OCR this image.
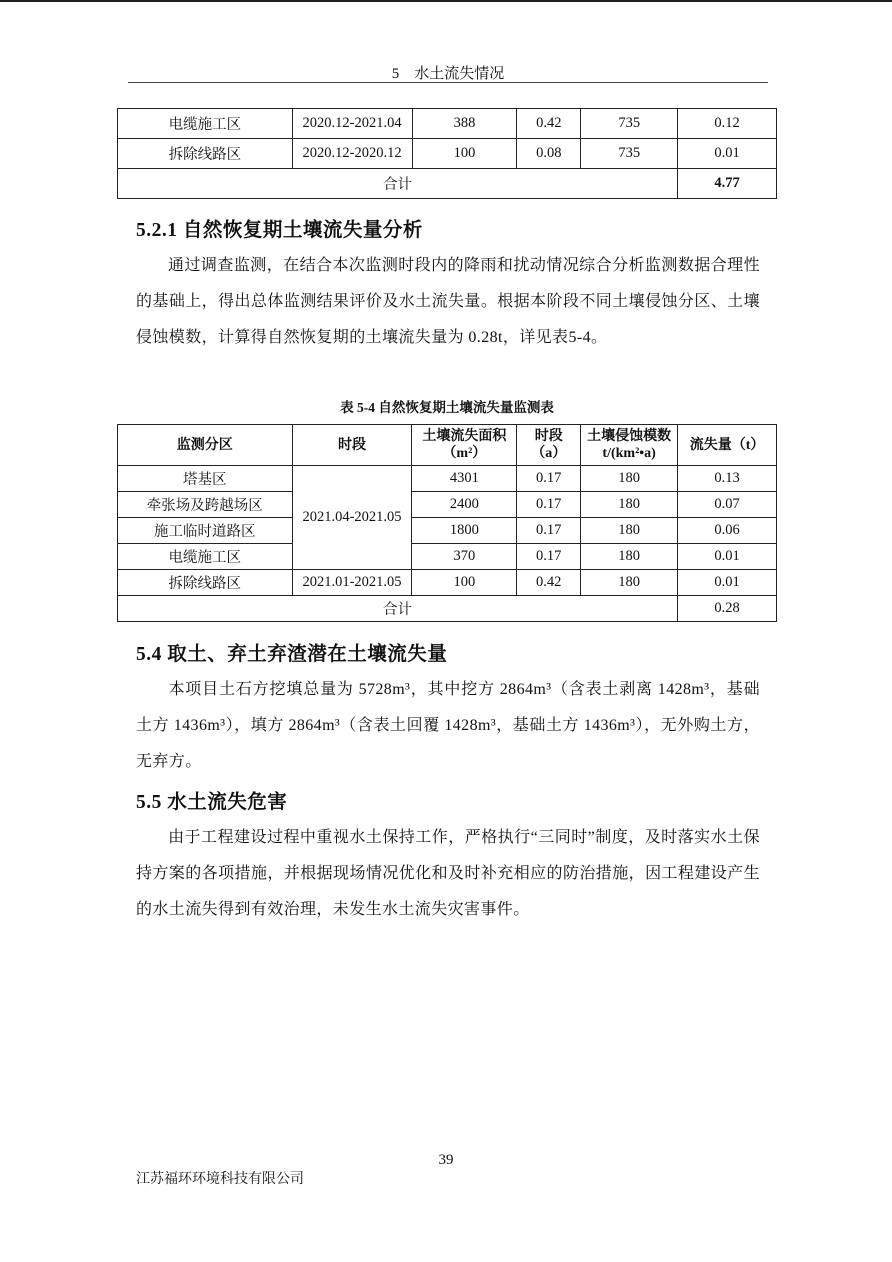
5　水土流失情况
电缆施工区	2020.12-2021.04	388	0.42	735	0.12
拆除线路区	2020.12-2020.12	100	0.08	735	0.01
合计					4.77
5.2.1 自然恢复期土壤流失量分析

通过调查监测，在结合本次监测时段内的降雨和扰动情况综合分析监测数据合理性的基础上，得出总体监测结果评价及水土流失量。根据本阶段不同土壤侵蚀分区、土壤侵蚀模数，计算得自然恢复期的土壤流失量为 0.28t，详见表5-4。

表 5-4 自然恢复期土壤流失量监测表
监测分区	时段	土壤流失面积
（m²）	时段
（a）	土壤侵蚀模数
t/(km²•a)	流失量（t）
塔基区	2021.04-2021.05	4301	0.17	180	0.13
牵张场及跨越场区		2400	0.17	180	0.07
施工临时道路区		1800	0.17	180	0.06
电缆施工区		370	0.17	180	0.01
拆除线路区	2021.01-2021.05	100	0.42	180	0.01
合计					0.28
5.4 取土、弃土弃渣潜在土壤流失量

本项目土石方挖填总量为 5728m³，其中挖方 2864m³（含表土剥离 1428m³，基础土方 1436m³），填方 2864m³（含表土回覆 1428m³，基础土方 1436m³），无外购土方，无弃方。

5.5 水土流失危害

由于工程建设过程中重视水土保持工作，严格执行“三同时”制度，及时落实水土保持方案的各项措施，并根据现场情况优化和及时补充相应的防治措施，因工程建设产生的水土流失得到有效治理，未发生水土流失灾害事件。

39
江苏福环环境科技有限公司
